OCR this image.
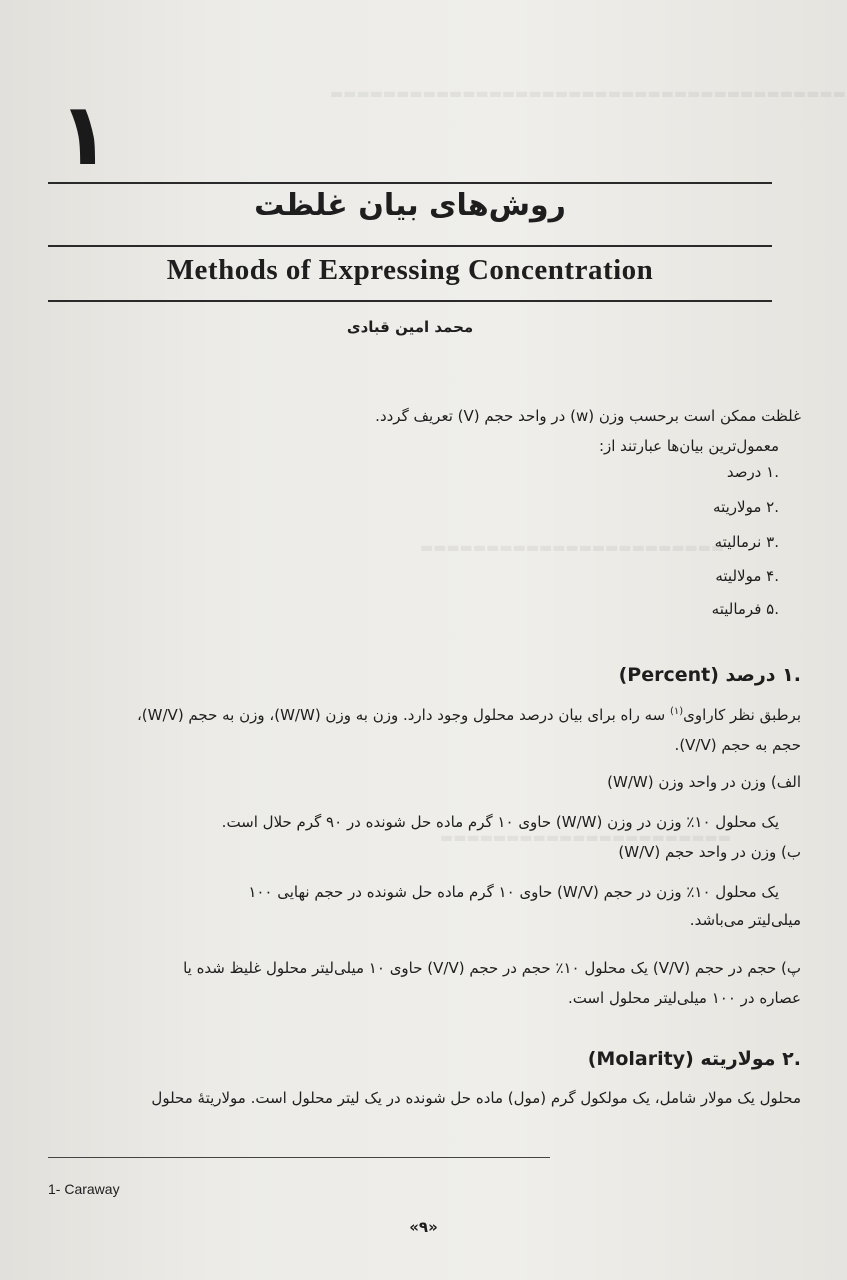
▬▬▬▬▬▬▬▬▬▬▬▬▬▬▬▬▬▬▬▬▬▬▬▬▬▬▬▬▬▬▬▬▬▬▬▬▬▬▬
▬▬▬▬▬▬▬▬▬▬▬▬▬▬▬▬▬▬▬▬▬▬▬
▬▬▬▬▬▬▬▬▬▬▬▬▬▬▬▬▬▬▬▬▬▬
۱
روش‌های بیان غلظت
Methods of Expressing Concentration
محمد امین قبادی
غلظت ممکن است برحسب وزن (w) در واحد حجم (V) تعریف گردد.
معمول‌ترین بیان‌ها عبارتند از:
.۱ درصد
.۲ مولاریته
.۳ نرمالیته
.۴ مولالیته
.۵ فرمالیته
.۱ درصد (Percent)
برطبق نظر کاراوی$^{(۱)}$ سه راه برای بیان درصد محلول وجود دارد. وزن به وزن (W/W)، وزن به حجم (W/V)،
حجم به حجم (V/V).
الف) وزن در واحد وزن (W/W)
یک محلول ۱۰٪ وزن در وزن (W/W) حاوی ۱۰ گرم ماده حل شونده در ۹۰ گرم حلال است.
ب) وزن در واحد حجم (W/V)
یک محلول ۱۰٪ وزن در حجم (W/V) حاوی ۱۰ گرم ماده حل شونده در حجم نهایی ۱۰۰
میلی‌لیتر می‌باشد.
پ) حجم در حجم (V/V) یک محلول ۱۰٪ حجم در حجم (V/V) حاوی ۱۰ میلی‌لیتر محلول غلیظ شده یا
عصاره در ۱۰۰ میلی‌لیتر محلول است.
.۲ مولاریته (Molarity)
محلول یک مولار شامل، یک مولکول گرم (مول) ماده حل شونده در یک لیتر محلول است. مولاریتهٔ محلول
1- Caraway
«۹»
